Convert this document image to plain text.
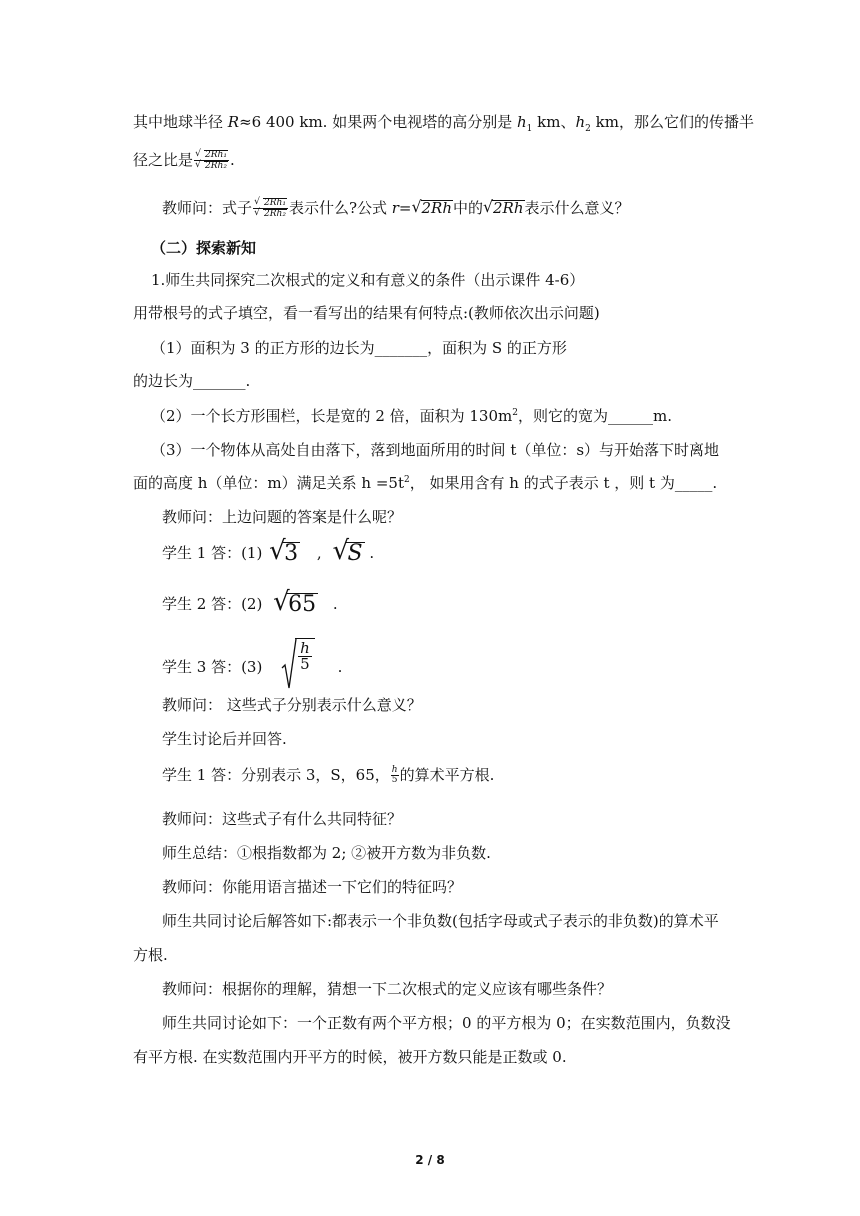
其中地球半径 R≈6 400 km. 如果两个电视塔的高分别是 $h_1$ km、$h_2$ km，那么它们的传播半
径之比是 √ 2Rh₁
√ 2Rh₂ .
教师问：式子 √ 2Rh₁
√ 2Rh₂ 表示什么?公式 r= √ 2Rh中的 √ 2Rh表示什么意义？
（二）探索新知
1.师生共同探究二次根式的定义和有意义的条件（出示课件 4-6）
用带根号的式子填空，看一看写出的结果有何特点:(教师依次出示问题)
（1）面积为 3 的正方形的边长为_______，面积为 S 的正方形
的边长为_______.
（2）一个长方形围栏，长是宽的 2 倍，面积为 $130m^2$，则它的宽为______m.
（3）一个物体从高处自由落下，落到地面所用的时间 t（单位：s）与开始落下时离地
面的高度 h（单位：m）满足关系 $h =5t^2$， 如果用含有 h 的式子表示 t ，则 t 为_____.
教师问：上边问题的答案是什么呢？
学生 1 答：(1) √ 3 , √ S .
学生 2 答：(2) √ 65 .
学生 3 答：$(3) \frac{h}{5}$ .
教师问： 这些式子分别表示什么意义？
学生讨论后并回答.
学生 1 答：分别表示 3，S，65， $\frac{h}{5}$ 的算术平方根.
教师问：这些式子有什么共同特征？
师生总结：①根指数都为 2; ②被开方数为非负数.
教师问：你能用语言描述一下它们的特征吗？
师生共同讨论后解答如下:都表示一个非负数(包括字母或式子表示的非负数)的算术平
方根.
教师问：根据你的理解，猜想一下二次根式的定义应该有哪些条件？
师生共同讨论如下：一个正数有两个平方根；0 的平方根为 0；在实数范围内，负数没
有平方根. 在实数范围内开平方的时候，被开方数只能是正数或 0.
2 / 8
